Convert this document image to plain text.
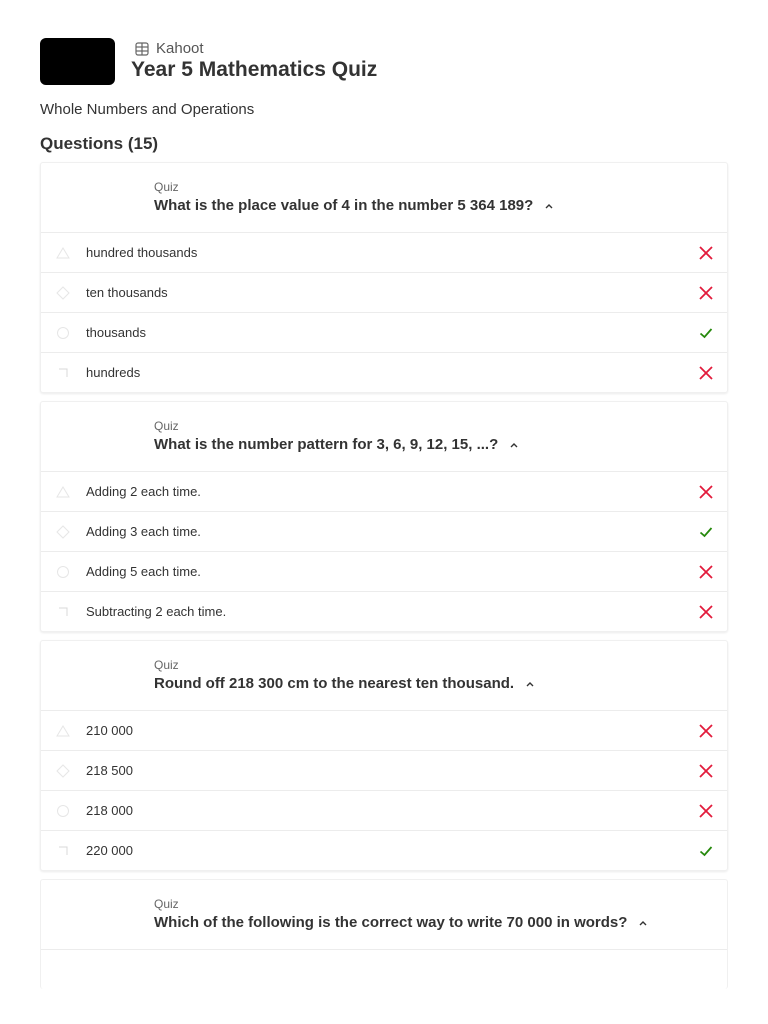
Kahoot
Year 5 Mathematics Quiz
Whole Numbers and Operations
Questions (15)
Quiz
What is the place value of 4 in the number 5 364 189?
hundred thousands
ten thousands
thousands
hundreds
Quiz
What is the number pattern for 3, 6, 9, 12, 15, ...?
Adding 2 each time.
Adding 3 each time.
Adding 5 each time.
Subtracting 2 each time.
Quiz
Round off 218 300 cm to the nearest ten thousand.
210 000
218 500
218 000
220 000
Quiz
Which of the following is the correct way to write 70 000 in words?
